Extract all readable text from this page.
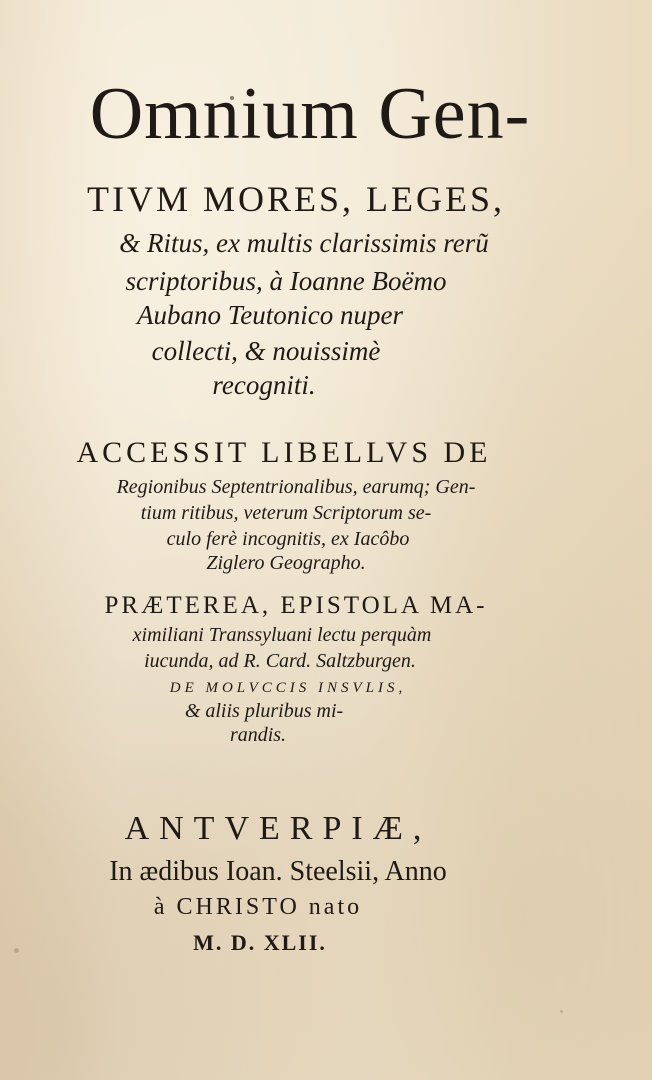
Omnium Gen-
TIVM MORES, LEGES,
& Ritus, ex multis clarissimis rerũ
scriptoribus, à Ioanne Boëmo
Aubano Teutonico nuper
collecti, & nouissimè
recogniti.
ACCESSIT LIBELLVS DE
Regionibus Septentrionalibus, earumq; Gen-
tium ritibus, veterum Scriptorum se-
culo ferè incognitis, ex Iacôbo
Ziglero Geographo.
PRÆTEREA, EPISTOLA MA-
ximiliani Transsyluani lectu perquàm
iucunda, ad R. Card. Saltzburgen.
DE MOLVCCIS INSVLIS,
& aliis pluribus mi-
randis.
ANTVERPIÆ,
In ædibus Ioan. Steelsii, Anno
à CHRISTO nato
M. D. XLII.
